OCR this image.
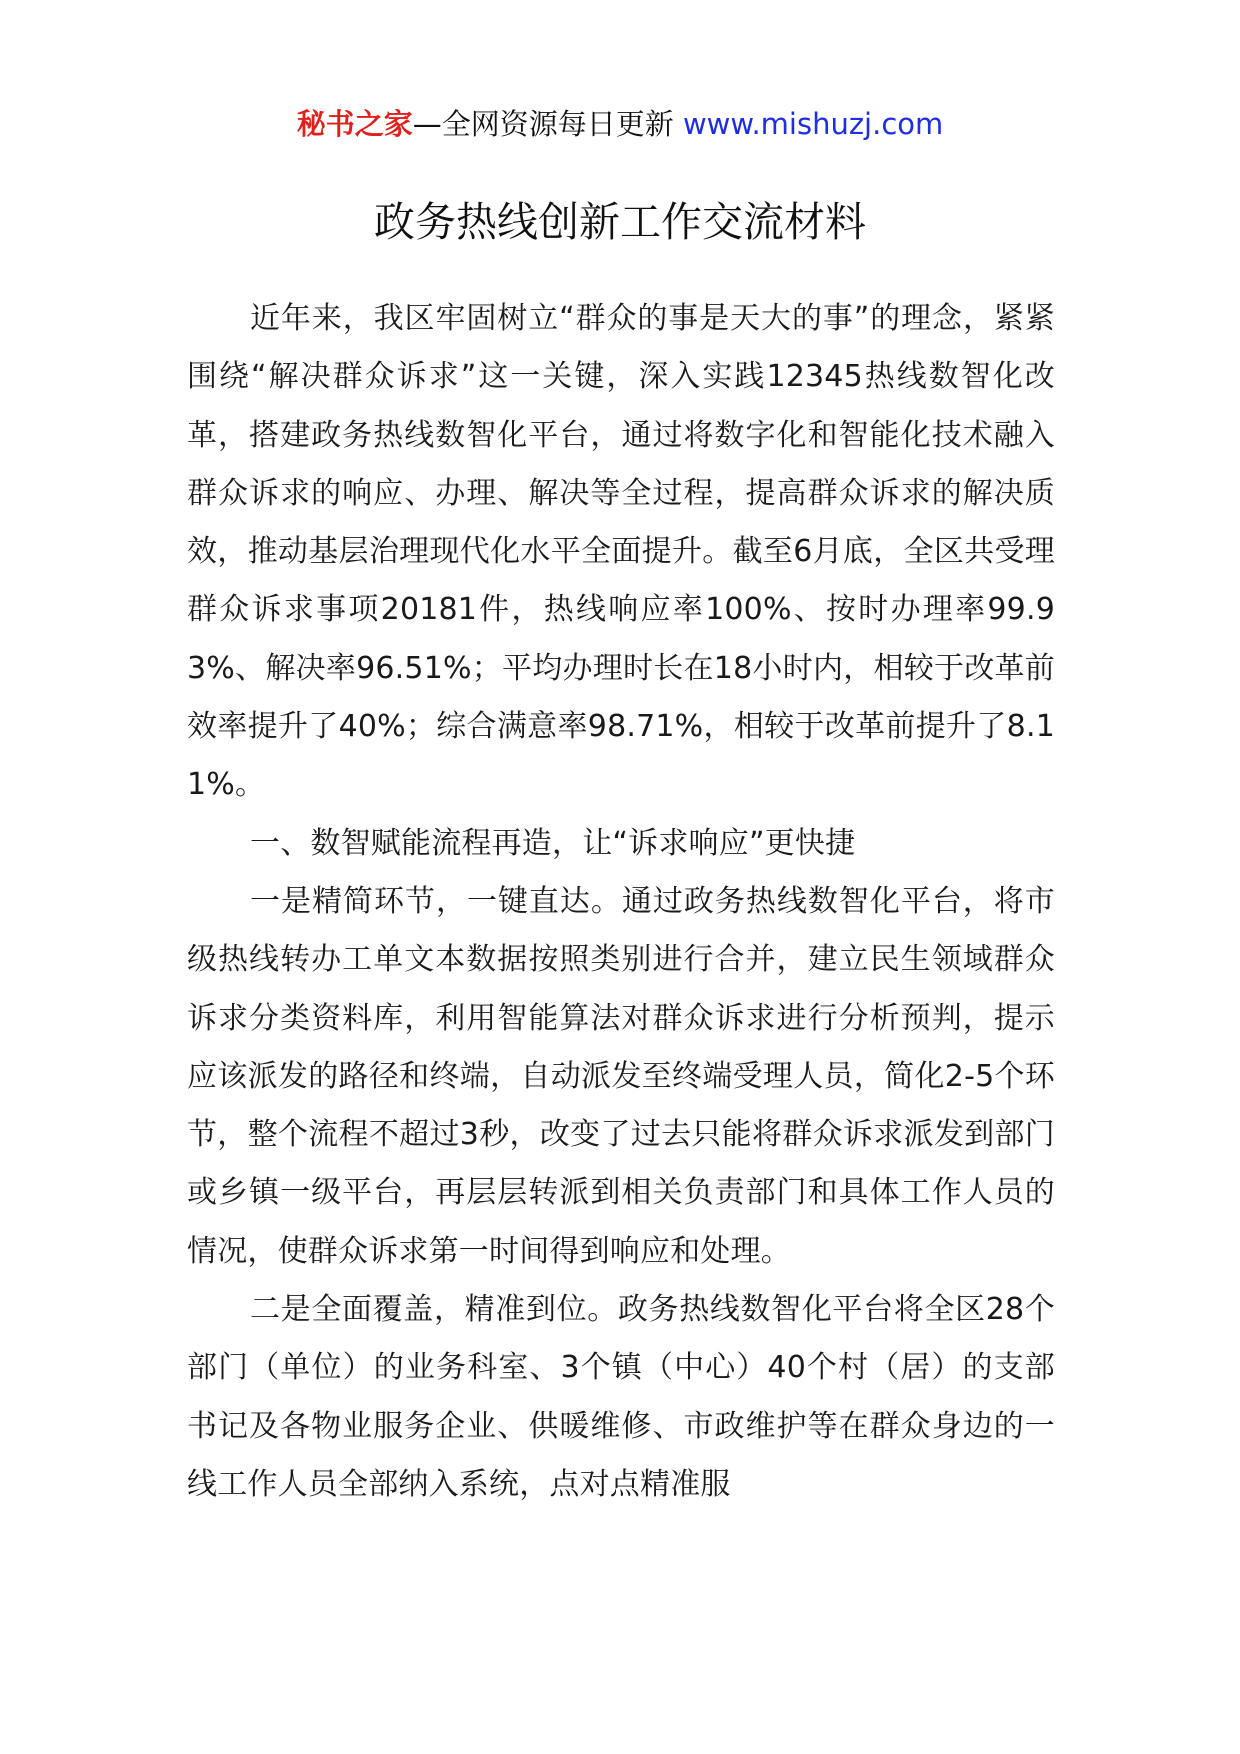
秘书之家—全网资源每日更新 www.mishuzj.com
政务热线创新工作交流材料

近年来，我区牢固树立“群众的事是天大的事”的理念，紧紧围绕“解决群众诉求”这一关键，深入实践12345热线数智化改革，搭建政务热线数智化平台，通过将数字化和智能化技术融入群众诉求的响应、办理、解决等全过程，提高群众诉求的解决质效，推动基层治理现代化水平全面提升。截至6月底，全区共受理群众诉求事项20181件，热线响应率100%、按时办理率99.93%、解决率96.51%；平均办理时长在18小时内，相较于改革前效率提升了40%；综合满意率98.71%，相较于改革前提升了8.11%。

一、数智赋能流程再造，让“诉求响应”更快捷

一是精简环节，一键直达。通过政务热线数智化平台，将市级热线转办工单文本数据按照类别进行合并，建立民生领域群众诉求分类资料库，利用智能算法对群众诉求进行分析预判，提示应该派发的路径和终端，自动派发至终端受理人员，简化2-5个环节，整个流程不超过3秒，改变了过去只能将群众诉求派发到部门或乡镇一级平台，再层层转派到相关负责部门和具体工作人员的情况，使群众诉求第一时间得到响应和处理。

二是全面覆盖，精准到位。政务热线数智化平台将全区28个部门（单位）的业务科室、3个镇（中心）40个村（居）的支部书记及各物业服务企业、供暖维修、市政维护等在群众身边的一线工作人员全部纳入系统，点对点精准服
